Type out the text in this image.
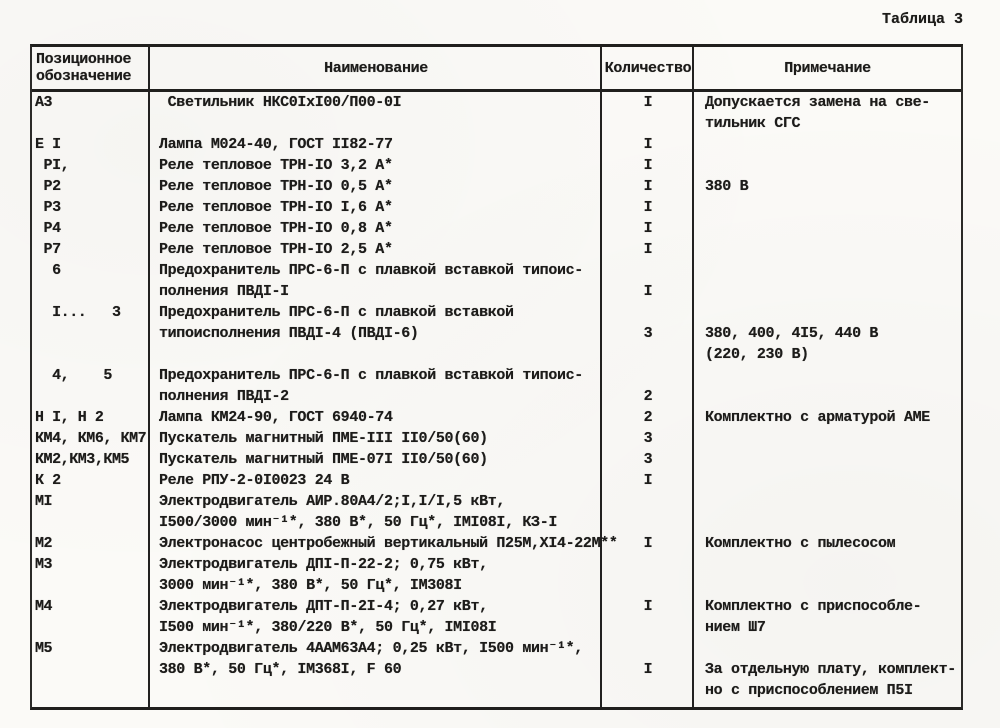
Таблица 3
Позиционное
обозначение	Наименование	Количество	Примечание
А3	Светильник НКС0IхI00/П00-0I	I	Допускается замена на све-
тильник СГС
Е I	Лампа М024-40, ГОСТ II82-77	I
РI,	Реле тепловое ТРН-IО 3,2 А*	I
Р2	Реле тепловое ТРН-IО 0,5 А*	I	380 В
Р3	Реле тепловое ТРН-IО I,6 А*	I
Р4	Реле тепловое ТРН-IО 0,8 А*	I
Р7	Реле тепловое ТРН-IО 2,5 А*	I
6	Предохранитель ПРС-6-П с плавкой вставкой типоис-
полнения ПВДI-I	I
I...   3	Предохранитель ПРС-6-П с плавкой вставкой
типоисполнения ПВДI-4 (ПВДI-6)	3	380, 400, 4I5, 440 В
(220, 230 В)
4,    5	Предохранитель ПРС-6-П с плавкой вставкой типоис-
полнения ПВДI-2	2
Н I, Н 2	Лампа КМ24-90, ГОСТ 6940-74	2	Комплектно с арматурой АМЕ
КМ4, КМ6, КМ7 Пускатель магнитный ПМЕ-III II0/50(60)	3
КМ2,КМ3,КМ5	Пускатель магнитный ПМЕ-07I II0/50(60)	3
К 2	Реле РПУ-2-0I0023 24 В	I
МI	Электродвигатель АИР.80А4/2;I,I/I,5 кВт,
I500/3000 мин⁻¹*, 380 В*, 50 Гц*, IМI08I, КЗ-I
М2	Электронасос центробежный вертикальный П25М,ХI4-22М**	I	Комплектно с пылесосом
М3	Электродвигатель ДПI-П-22-2; 0,75 кВт,
3000 мин⁻¹*, 380 В*, 50 Гц*, IМ308I
М4	Электродвигатель ДПТ-П-2I-4; 0,27 кВт,
I500 мин⁻¹*, 380/220 В*, 50 Гц*, IМI08I
I	Комплектно с приспособле-
нием Ш7
М5	Электродвигатель 4ААМ63А4; 0,25 кВт, I500 мин⁻¹*,
380 В*, 50 Гц*, IМ368I, F 60	I	За отдельную плату, комплект-
но с приспособлением П5I
